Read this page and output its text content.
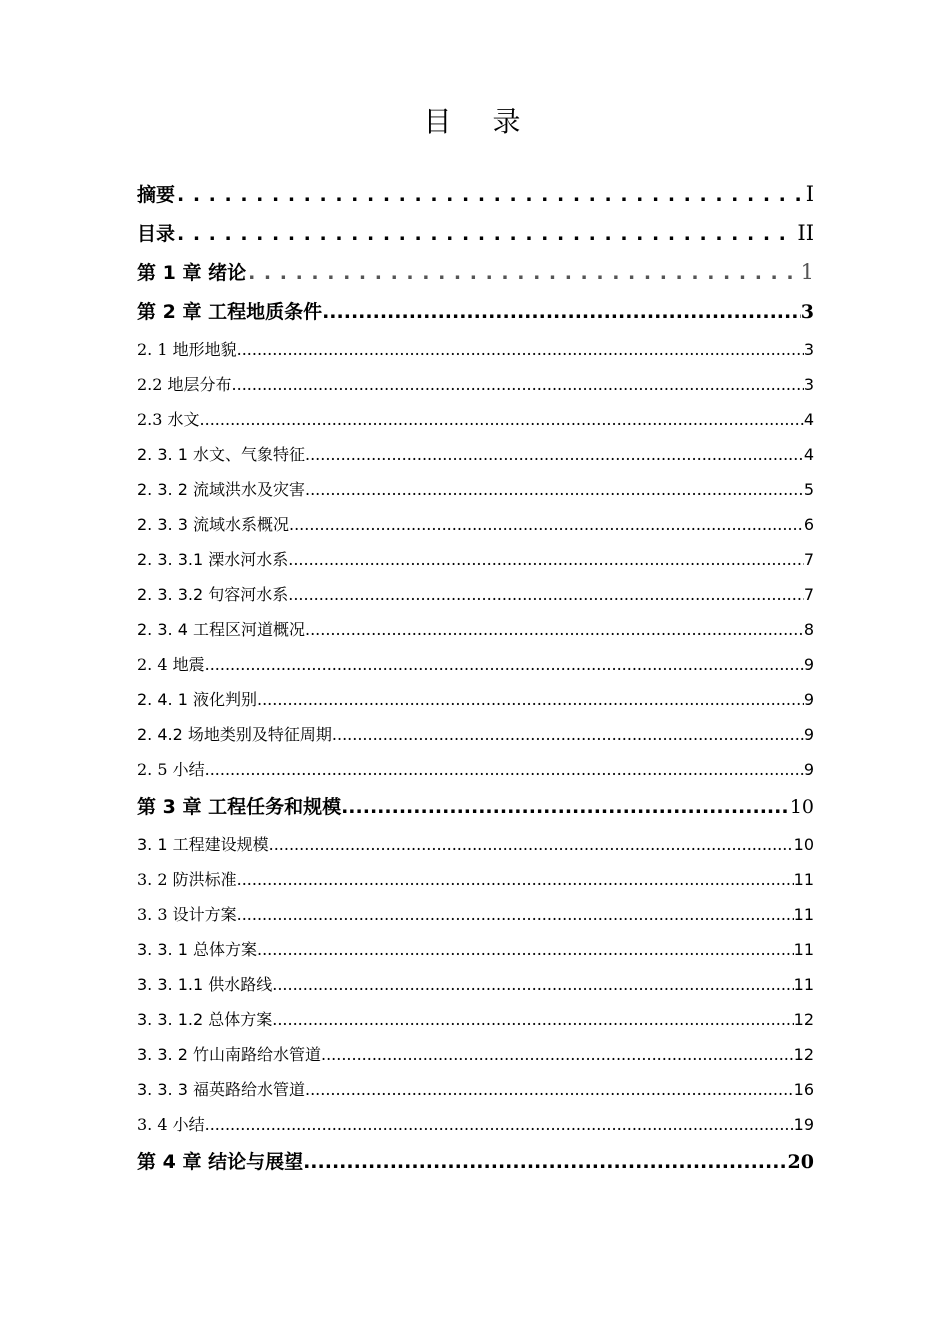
目 录
摘要 . . .	I
目录 . . .	II
第 1 章 绪论 . . .	1
第 2 章 工程地质条件 .....	3
2. 1 地形地貌 .....	3
2.2 地层分布 .....	3
2.3 水文 .....	4
2. 3. 1 水文、气象特征 .....	4
2. 3. 2 流域洪水及灾害 .....	5
2. 3. 3 流域水系概况 .....	6
2. 3. 3.1 溧水河水系 .....	7
2. 3. 3.2 句容河水系 .....	7
2. 3. 4 工程区河道概况 .....	8
2. 4 地震 .....	9
2. 4. 1 液化判别 .....	9
2. 4.2 场地类别及特征周期 .....	9
2. 5 小结 .....	9
第 3 章 工程任务和规模 .....	10
3. 1 工程建设规模 .....	10
3. 2 防洪标准 .....	11
3. 3 设计方案 .....	11
3. 3. 1 总体方案 .....	11
3. 3. 1.1 供水路线 .....	11
3. 3. 1.2 总体方案 .....	12
3. 3. 2 竹山南路给水管道 .....	12
3. 3. 3 福英路给水管道 .....	16
3. 4 小结 .....	19
第 4 章 结论与展望 .....	20
